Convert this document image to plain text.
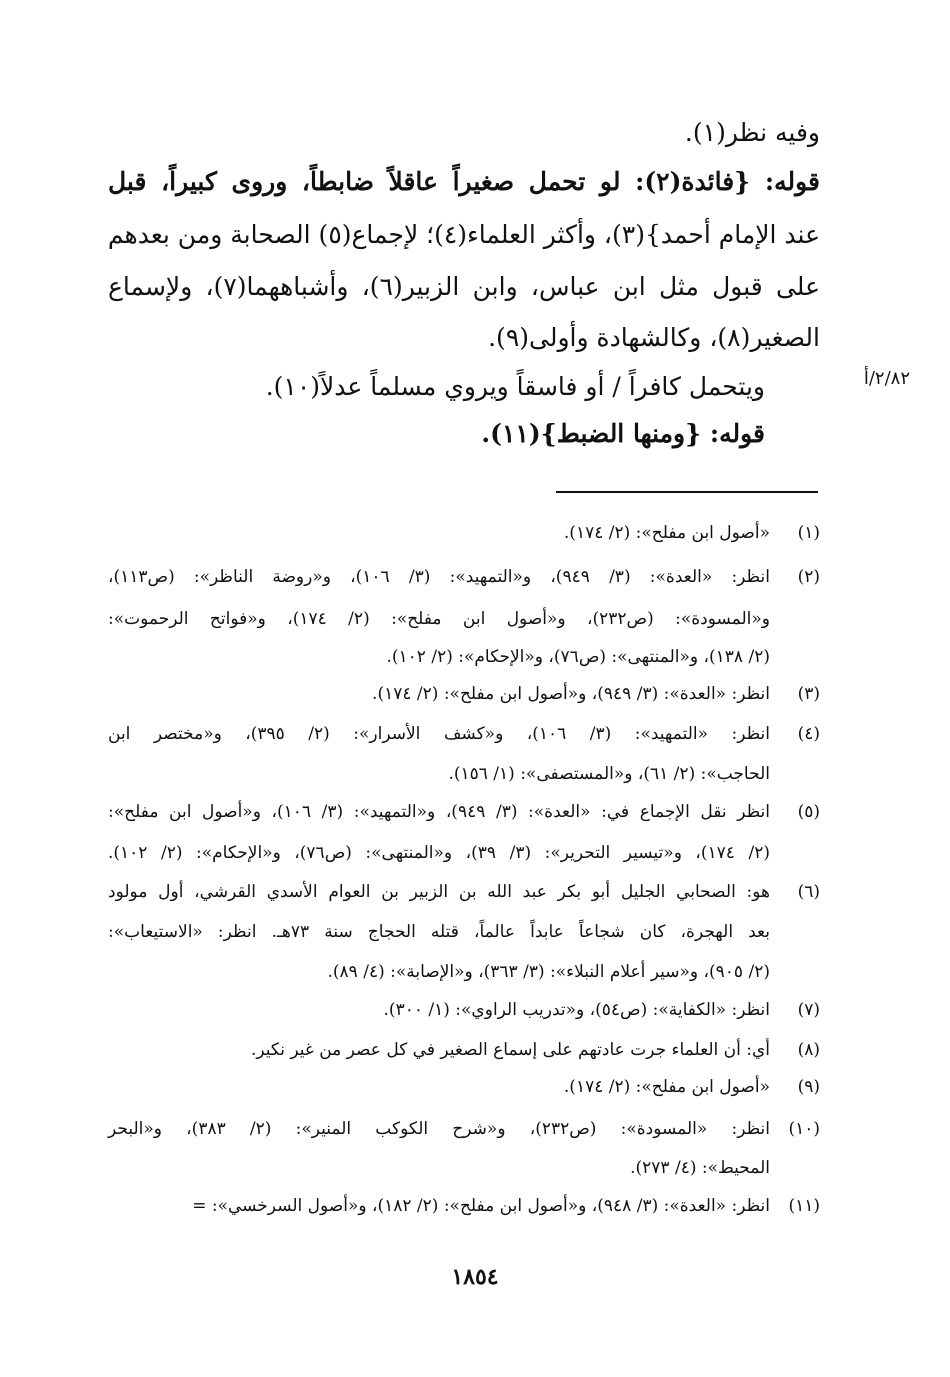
وفيه نظر(١).
قوله: {فائدة(٢): لو تحمل صغيراً عاقلاً ضابطاً، وروى كبيراً، قبل
عند الإمام أحمد}(٣)، وأكثر العلماء(٤)؛ لإجماع(٥) الصحابة ومن بعدهم
على قبول مثل ابن عباس، وابن الزبير(٦)، وأشباههما(٧)، ولإسماع
الصغير(٨)، وكالشهادة وأولى(٩).
ويتحمل كافراً / أو فاسقاً ويروي مسلماً عدلاً(١٠).
قوله: {ومنها الضبط}(١١).
٢/٨٢/أ
(١)
«أصول ابن مفلح»: (٢/ ١٧٤).
(٢)
انظر: «العدة»: (٣/ ٩٤٩)، و«التمهيد»: (٣/ ١٠٦)، و«روضة الناظر»: (ص١١٣)،
و«المسودة»: (ص٢٣٢)، و«أصول ابن مفلح»: (٢/ ١٧٤)، و«فواتح الرحموت»:
(٢/ ١٣٨)، و«المنتهى»: (ص٧٦)، و«الإحكام»: (٢/ ١٠٢).
(٣)
انظر: «العدة»: (٣/ ٩٤٩)، و«أصول ابن مفلح»: (٢/ ١٧٤).
(٤)
انظر: «التمهيد»: (٣/ ١٠٦)، و«كشف الأسرار»: (٢/ ٣٩٥)، و«مختصر ابن
الحاجب»: (٢/ ٦١)، و«المستصفى»: (١/ ١٥٦).
(٥)
انظر نقل الإجماع في: «العدة»: (٣/ ٩٤٩)، و«التمهيد»: (٣/ ١٠٦)، و«أصول ابن مفلح»:
(٢/ ١٧٤)، و«تيسير التحرير»: (٣/ ٣٩)، و«المنتهى»: (ص٧٦)، و«الإحكام»: (٢/ ١٠٢).
(٦)
هو: الصحابي الجليل أبو بكر عبد الله بن الزبير بن العوام الأسدي القرشي، أول مولود
بعد الهجرة، كان شجاعاً عابداً عالماً، قتله الحجاج سنة ٧٣هـ. انظر: «الاستيعاب»:
(٢/ ٩٠٥)، و«سير أعلام النبلاء»: (٣/ ٣٦٣)، و«الإصابة»: (٤/ ٨٩).
(٧)
انظر: «الكفاية»: (ص٥٤)، و«تدريب الراوي»: (١/ ٣٠٠).
(٨)
أي: أن العلماء جرت عادتهم على إسماع الصغير في كل عصر من غير نكير.
(٩)
«أصول ابن مفلح»: (٢/ ١٧٤).
(١٠)
انظر: «المسودة»: (ص٢٣٢)، و«شرح الكوكب المنير»: (٢/ ٣٨٣)، و«البحر
المحيط»: (٤/ ٢٧٣).
(١١)
انظر: «العدة»: (٣/ ٩٤٨)، و«أصول ابن مفلح»: (٢/ ١٨٢)، و«أصول السرخسي»: =
١٨٥٤
